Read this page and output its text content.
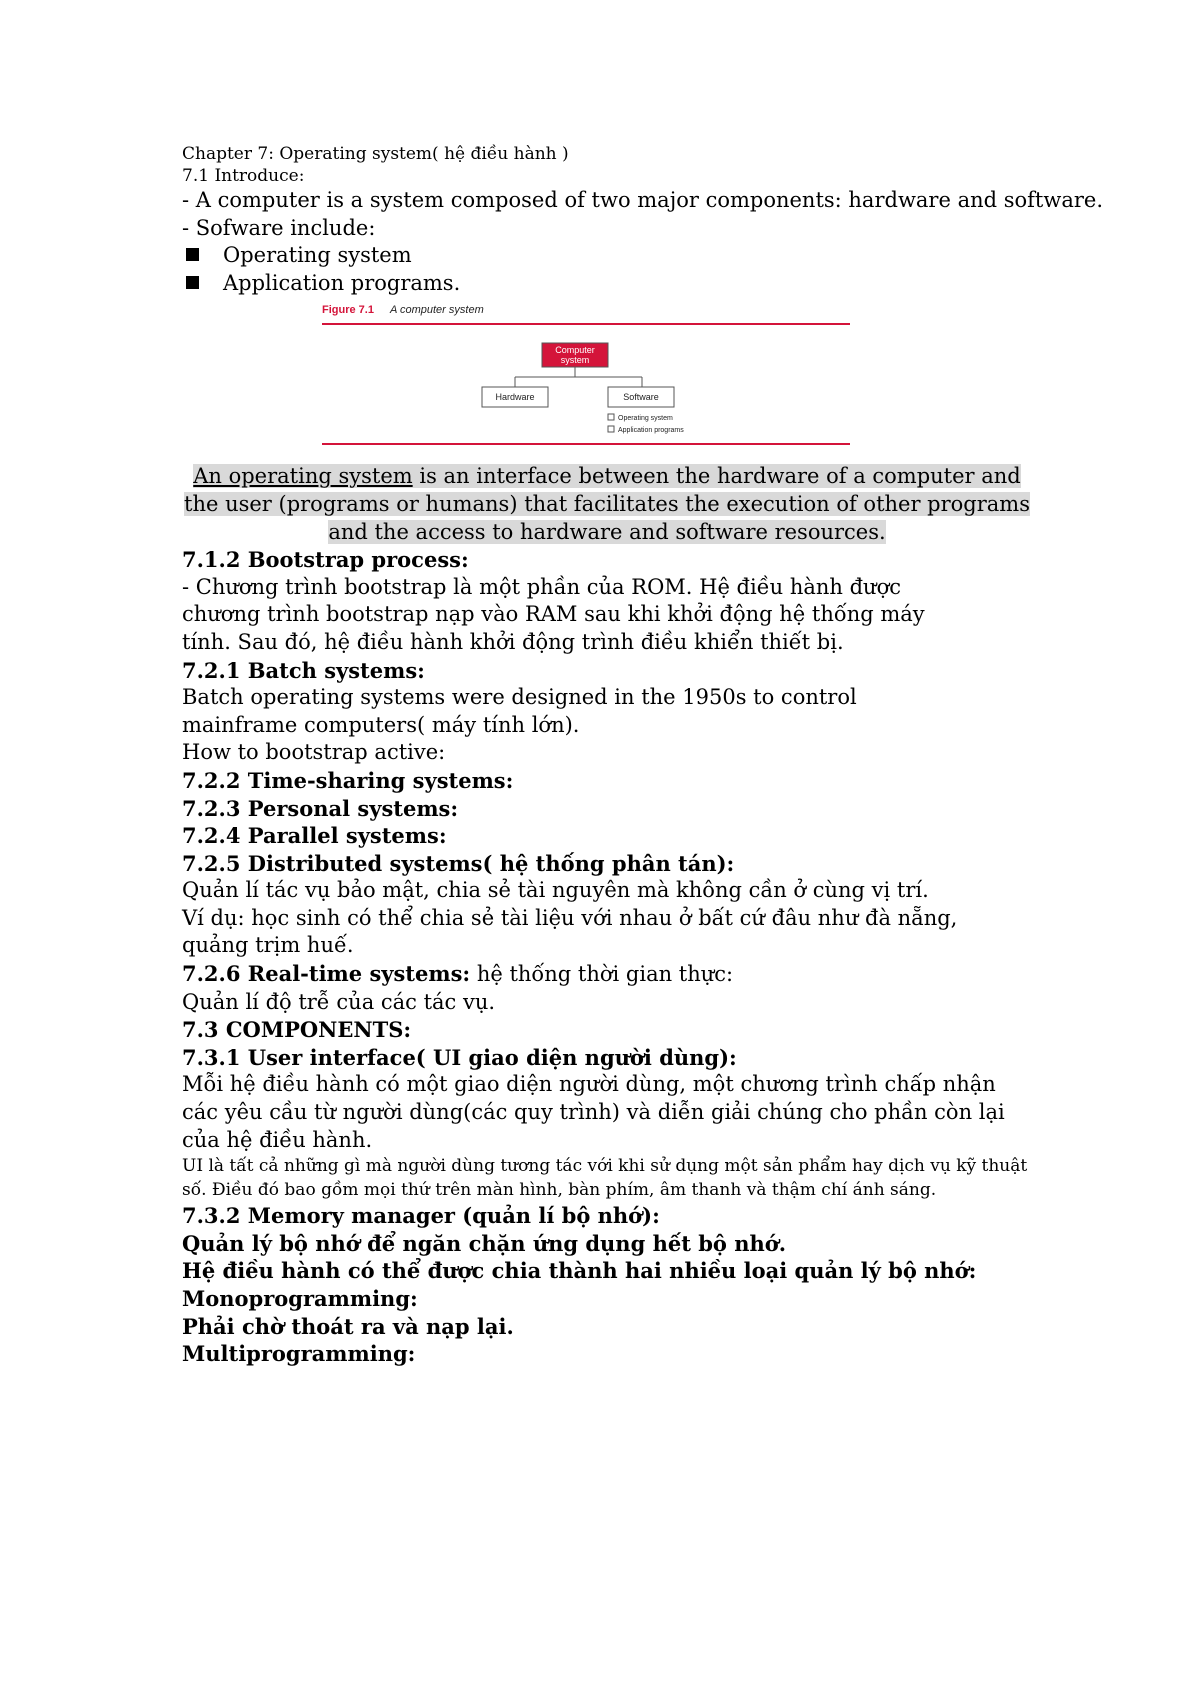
Chapter 7: Operating system( hệ điều hành )

7.1 Introduce:

- A computer is a system composed of two major components: hardware and software.

- Sofware include:

Operating system

Application programs.

Figure 7.1 A computer system
Computer
system
Hardware	Software
Operating system
Application programs

An operating system is an interface between the hardware of a computer and the user (programs or humans) that facilitates the execution of other programs and the access to hardware and software resources.

7.1.2 Bootstrap process:

- Chương trình bootstrap là một phần của ROM. Hệ điều hành được chương trình bootstrap nạp vào RAM sau khi khởi động hệ thống máy tính. Sau đó, hệ điều hành khởi động trình điều khiển thiết bị.

7.2.1 Batch systems:

Batch operating systems were designed in the 1950s to control mainframe computers( máy tính lớn).

How to bootstrap active:

7.2.2 Time-sharing systems:

7.2.3 Personal systems:

7.2.4 Parallel systems:

7.2.5 Distributed systems( hệ thống phân tán):

Quản lí tác vụ bảo mật, chia sẻ tài nguyên mà không cần ở cùng vị trí.

Ví dụ: học sinh có thể chia sẻ tài liệu với nhau ở bất cứ đâu như đà nẵng, quảng trịm huế.

7.2.6 Real-time systems: hệ thống thời gian thực:

Quản lí độ trễ của các tác vụ.

7.3 COMPONENTS:

7.3.1 User interface( UI giao diện người dùng):

Mỗi hệ điều hành có một giao diện người dùng, một chương trình chấp nhận các yêu cầu từ người dùng(các quy trình) và diễn giải chúng cho phần còn lại của hệ điều hành.

UI là tất cả những gì mà người dùng tương tác với khi sử dụng một sản phẩm hay dịch vụ kỹ thuật số. Điều đó bao gồm mọi thứ trên màn hình, bàn phím, âm thanh và thậm chí ánh sáng.

7.3.2 Memory manager (quản lí bộ nhớ):

Quản lý bộ nhớ để ngăn chặn ứng dụng hết bộ nhớ.

Hệ điều hành có thể được chia thành hai nhiều loại quản lý bộ nhớ:

Monoprogramming:

Phải chờ thoát ra và nạp lại.

Multiprogramming:
